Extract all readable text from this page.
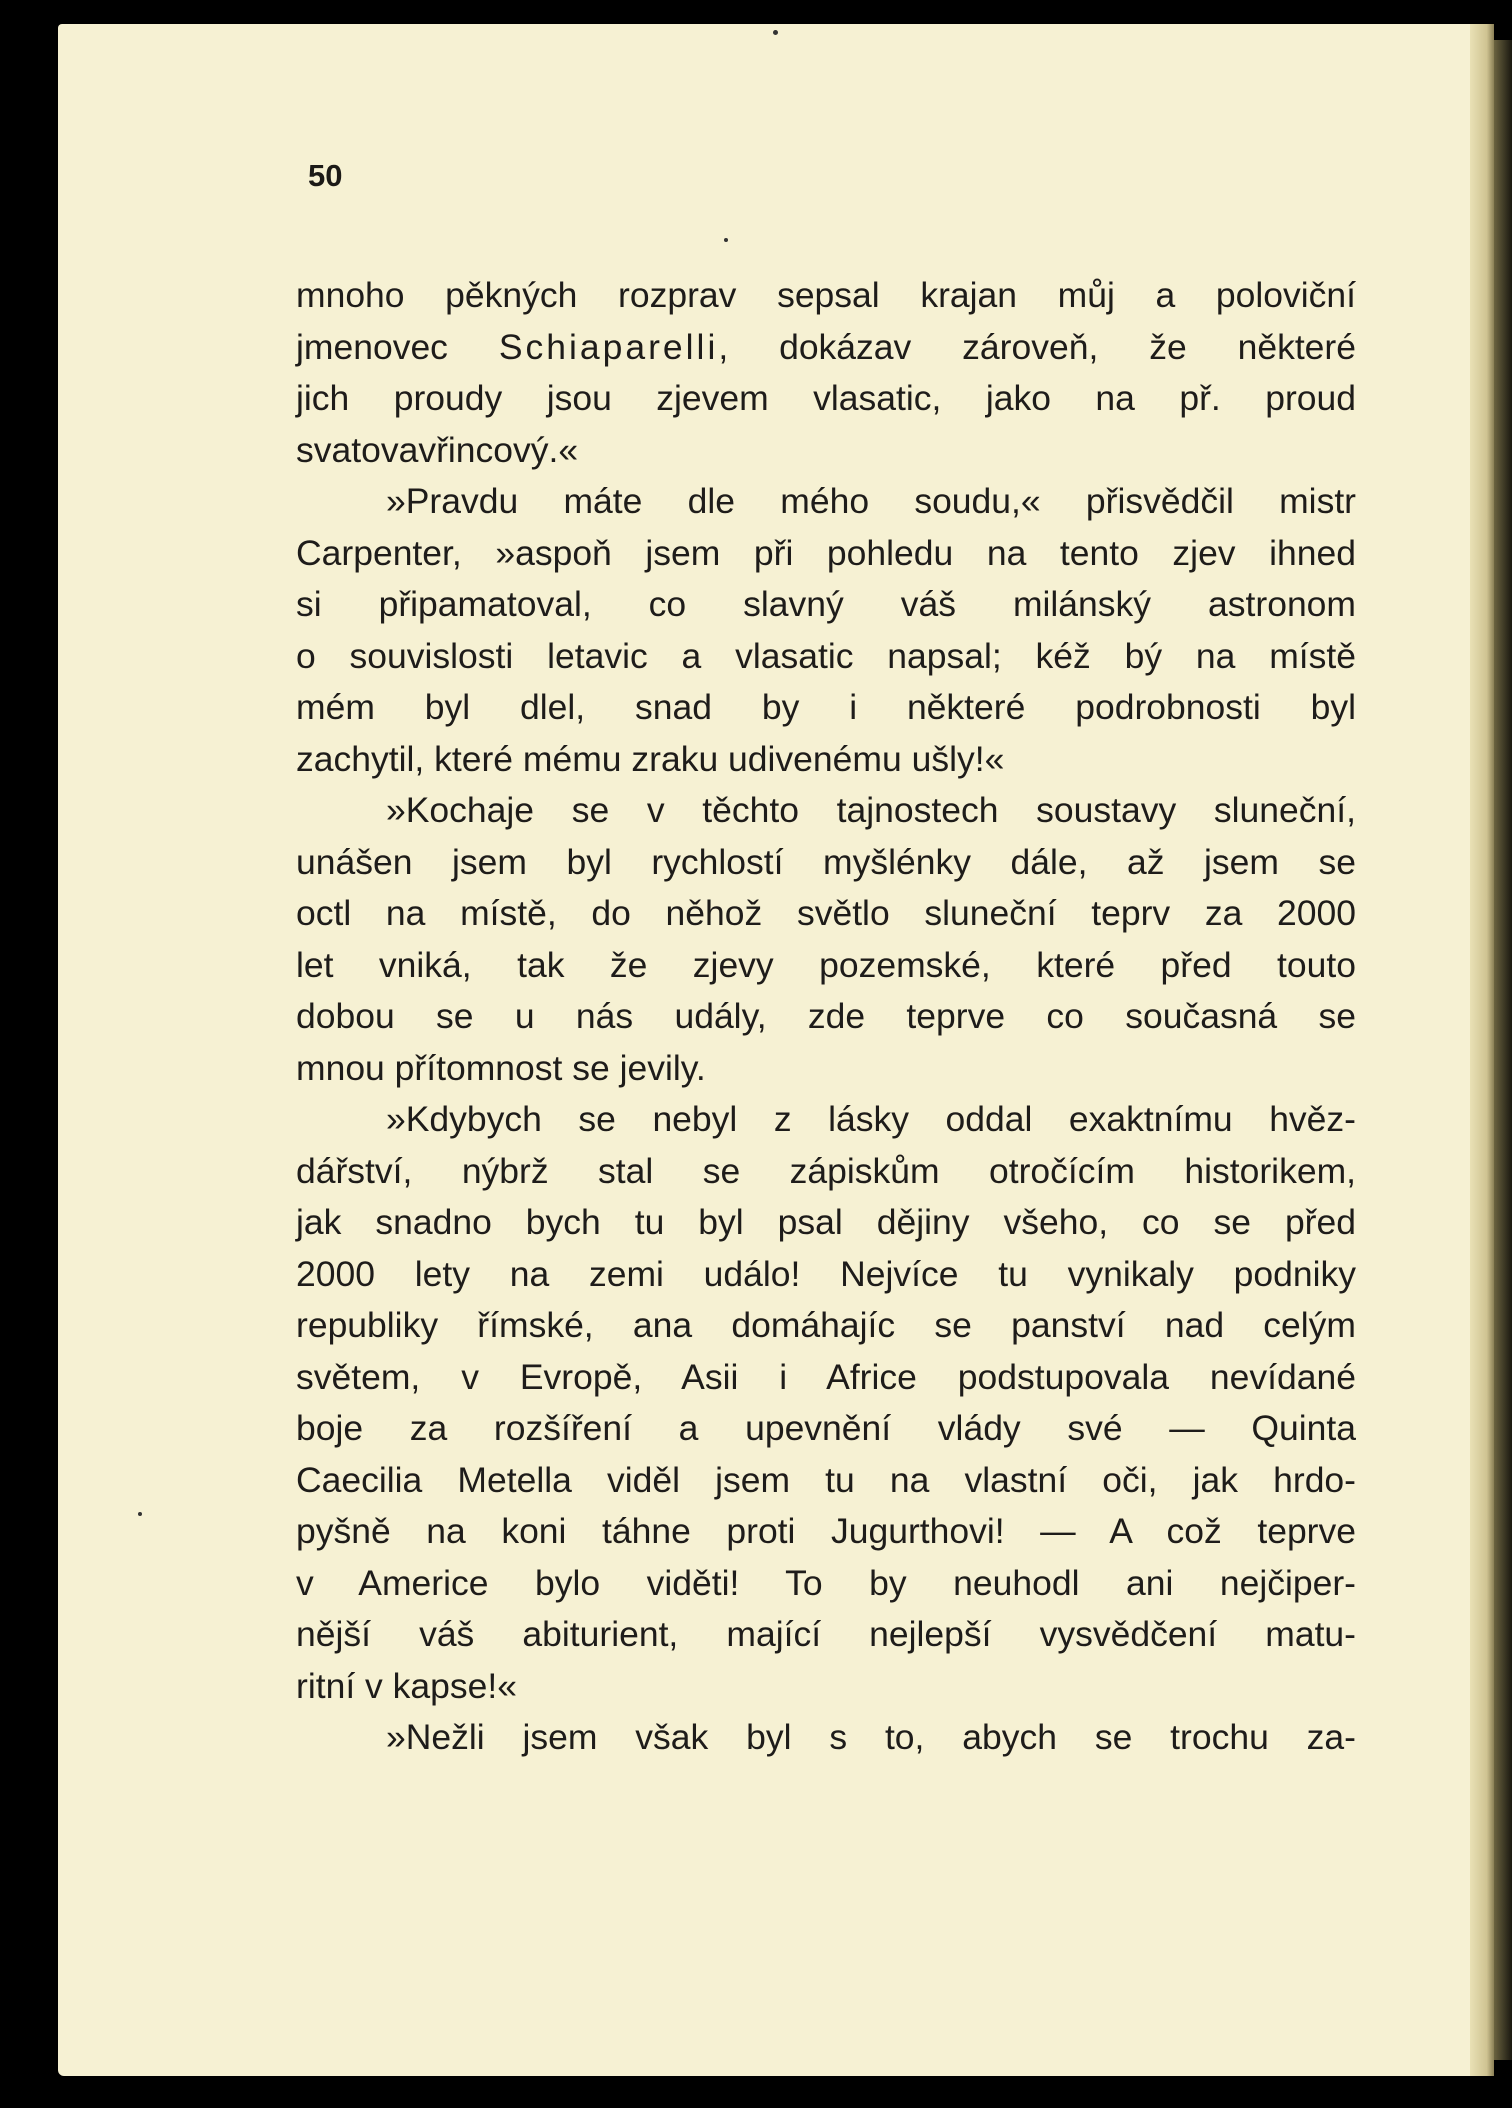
50
mnoho pěkných rozprav sepsal krajan můj a poloviční
jmenovec Schiaparelli, dokázav zároveň, že některé
jich proudy jsou zjevem vlasatic, jako na př. proud
svatovavřincový.«
»Pravdu máte dle mého soudu,« přisvědčil mistr
Carpenter, »aspoň jsem při pohledu na tento zjev ihned
si připamatoval, co slavný váš milánský astronom
o souvislosti letavic a vlasatic napsal; kéž bý na místě
mém byl dlel, snad by i některé podrobnosti byl
zachytil, které mému zraku udivenému ušly!«
»Kochaje se v těchto tajnostech soustavy sluneční,
unášen jsem byl rychlostí myšlénky dále, až jsem se
octl na místě, do něhož světlo sluneční teprv za 2000
let vniká, tak že zjevy pozemské, které před touto
dobou se u nás udály, zde teprve co současná se
mnou přítomnost se jevily.
»Kdybych se nebyl z lásky oddal exaktnímu hvěz-
dářství, nýbrž stal se zápiskům otročícím historikem,
jak snadno bych tu byl psal dějiny všeho, co se před
2000 lety na zemi událo! Nejvíce tu vynikaly podniky
republiky římské, ana domáhajíc se panství nad celým
světem, v Evropě, Asii i Africe podstupovala nevídané
boje za rozšíření a upevnění vlády své — Quinta
Caecilia Metella viděl jsem tu na vlastní oči, jak hrdo-
pyšně na koni táhne proti Jugurthovi! — A což teprve
v Americe bylo viděti! To by neuhodl ani nejčiper-
nější váš abiturient, mající nejlepší vysvědčení matu-
ritní v kapse!«
»Nežli jsem však byl s to, abych se trochu za-
